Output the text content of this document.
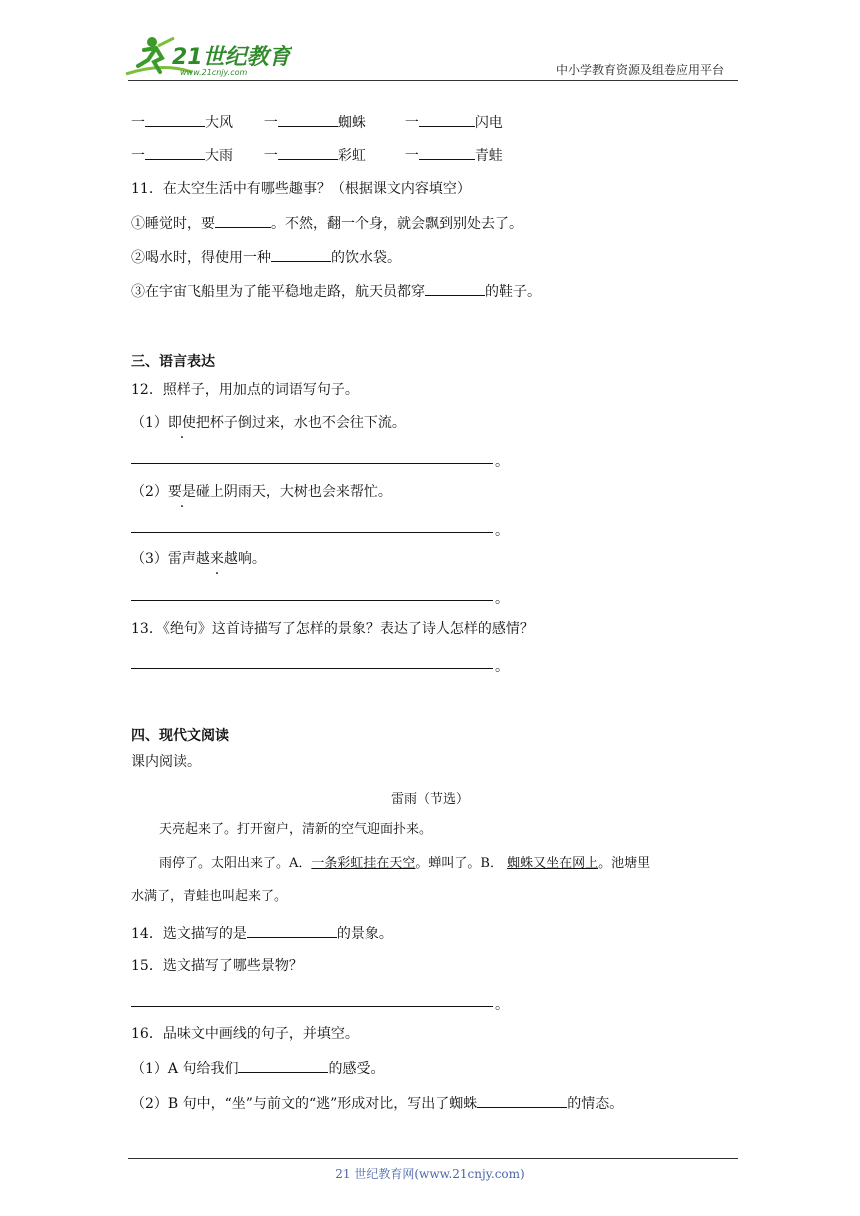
21世纪教育
www.21cnjy.com	中小学教育资源及组卷应用平台
一	大风 一	蜘蛛	一	闪电
一	大雨 一	彩虹	一	青蛙
11．在太空生活中有哪些趣事？（根据课文内容填空）
①睡觉时，要	。不然，翻一个身，就会飘到别处去了。
②喝水时，得使用一种	的饮水袋。
③在宇宙飞船里为了能平稳地走路，航天员都穿	的鞋子。
三、语言表达
12．照样子，用加点的词语写句子。
（1）即使把杯子倒过来，水也不会往下流。
。
（2）要是碰上阴雨天，大树也会来帮忙。
。
（3）雷声越来越响。
。
13．《绝句》这首诗描写了怎样的景象？表达了诗人怎样的感情？
。
四、现代文阅读
课内阅读。
雷雨（节选）
天亮起来了。打开窗户，清新的空气迎面扑来。
雨停了。太阳出来了。A．一条彩虹挂在天空。蝉叫了。B． 蜘蛛又坐在网上。池塘里
水满了，青蛙也叫起来了。
14．选文描写的是	的景象。
15．选文描写了哪些景物？
。
16．品味文中画线的句子，并填空。
（1）A 句给我们	的感受。
（2）B 句中，“坐”与前文的“逃”形成对比，写出了蜘蛛	的情态。
21 世纪教育网(www.21cnjy.com)
